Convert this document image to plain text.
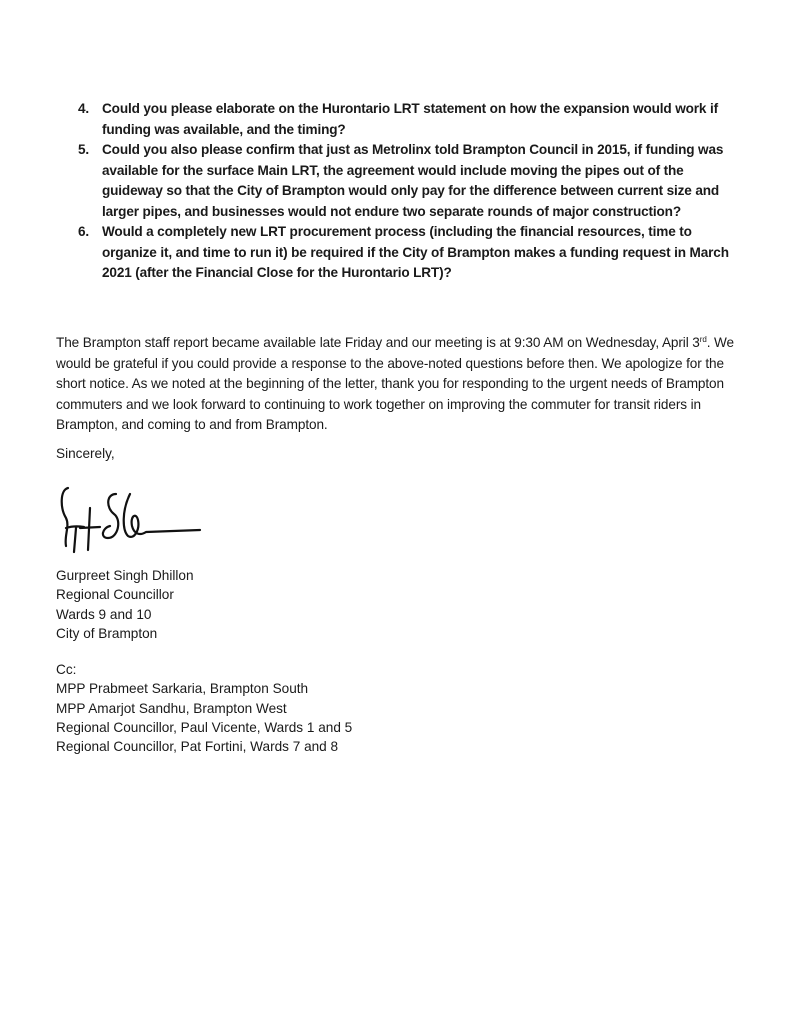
4. Could you please elaborate on the Hurontario LRT statement on how the expansion would work if funding was available, and the timing?
5. Could you also please confirm that just as Metrolinx told Brampton Council in 2015, if funding was available for the surface Main LRT, the agreement would include moving the pipes out of the guideway so that the City of Brampton would only pay for the difference between current size and larger pipes, and businesses would not endure two separate rounds of major construction?
6. Would a completely new LRT procurement process (including the financial resources, time to organize it, and time to run it) be required if the City of Brampton makes a funding request in March 2021 (after the Financial Close for the Hurontario LRT)?

The Brampton staff report became available late Friday and our meeting is at 9:30 AM on Wednesday, April 3rd. We would be grateful if you could provide a response to the above-noted questions before then. We apologize for the short notice. As we noted at the beginning of the letter, thank you for responding to the urgent needs of Brampton commuters and we look forward to continuing to work together on improving the commuter for transit riders in Brampton, and coming to and from Brampton.

Sincerely,
Gurpreet Singh Dhillon
Regional Councillor
Wards 9 and 10
City of Brampton
Cc:
MPP Prabmeet Sarkaria, Brampton South
MPP Amarjot Sandhu, Brampton West
Regional Councillor, Paul Vicente, Wards 1 and 5
Regional Councillor, Pat Fortini, Wards 7 and 8
